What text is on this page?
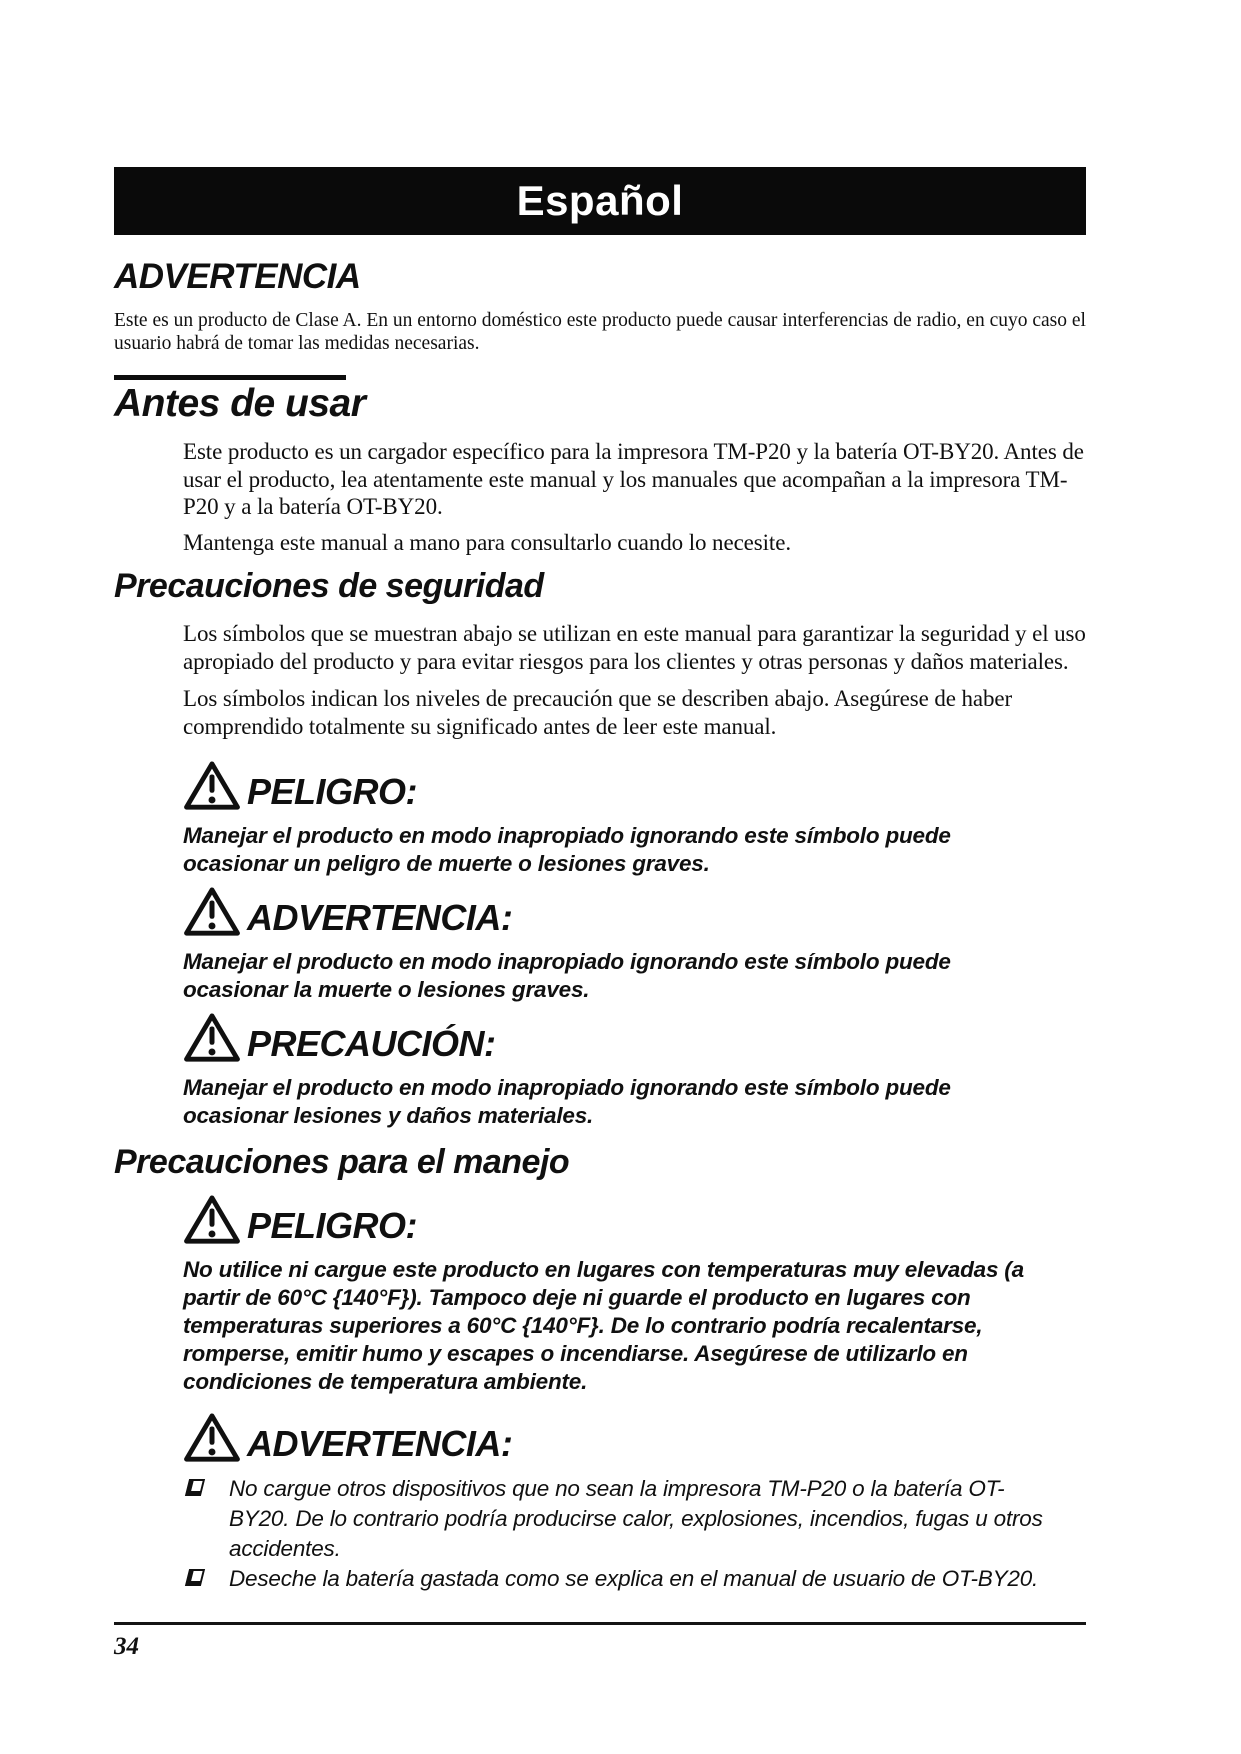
Español
ADVERTENCIA

Este es un producto de Clase A. En un entorno doméstico este producto puede causar interferencias de radio, en cuyo caso el usuario habrá de tomar las medidas necesarias.

Antes de usar

Este producto es un cargador específico para la impresora TM-P20 y la batería OT-BY20. Antes de usar el producto, lea atentamente este manual y los manuales que acompañan a la impresora TM-P20 y a la batería OT-BY20.

Mantenga este manual a mano para consultarlo cuando lo necesite.

Precauciones de seguridad

Los símbolos que se muestran abajo se utilizan en este manual para garantizar la seguridad y el uso apropiado del producto y para evitar riesgos para los clientes y otras personas y daños materiales.

Los símbolos indican los niveles de precaución que se describen abajo. Asegúrese de haber comprendido totalmente su significado antes de leer este manual.

PELIGRO:

Manejar el producto en modo inapropiado ignorando este símbolo puede ocasionar un peligro de muerte o lesiones graves.

ADVERTENCIA:

Manejar el producto en modo inapropiado ignorando este símbolo puede ocasionar la muerte o lesiones graves.

PRECAUCIÓN:

Manejar el producto en modo inapropiado ignorando este símbolo puede ocasionar lesiones y daños materiales.

Precauciones para el manejo
PELIGRO:

No utilice ni cargue este producto en lugares con temperaturas muy elevadas (a partir de 60°C {140°F}). Tampoco deje ni guarde el producto en lugares con temperaturas superiores a 60°C {140°F}. De lo contrario podría recalentarse, romperse, emitir humo y escapes o incendiarse. Asegúrese de utilizarlo en condiciones de temperatura ambiente.

ADVERTENCIA:
No cargue otros dispositivos que no sean la impresora TM-P20 o la batería OT-BY20. De lo contrario podría producirse calor, explosiones, incendios, fugas u otros accidentes.
Deseche la batería gastada como se explica en el manual de usuario de OT-BY20.
34
